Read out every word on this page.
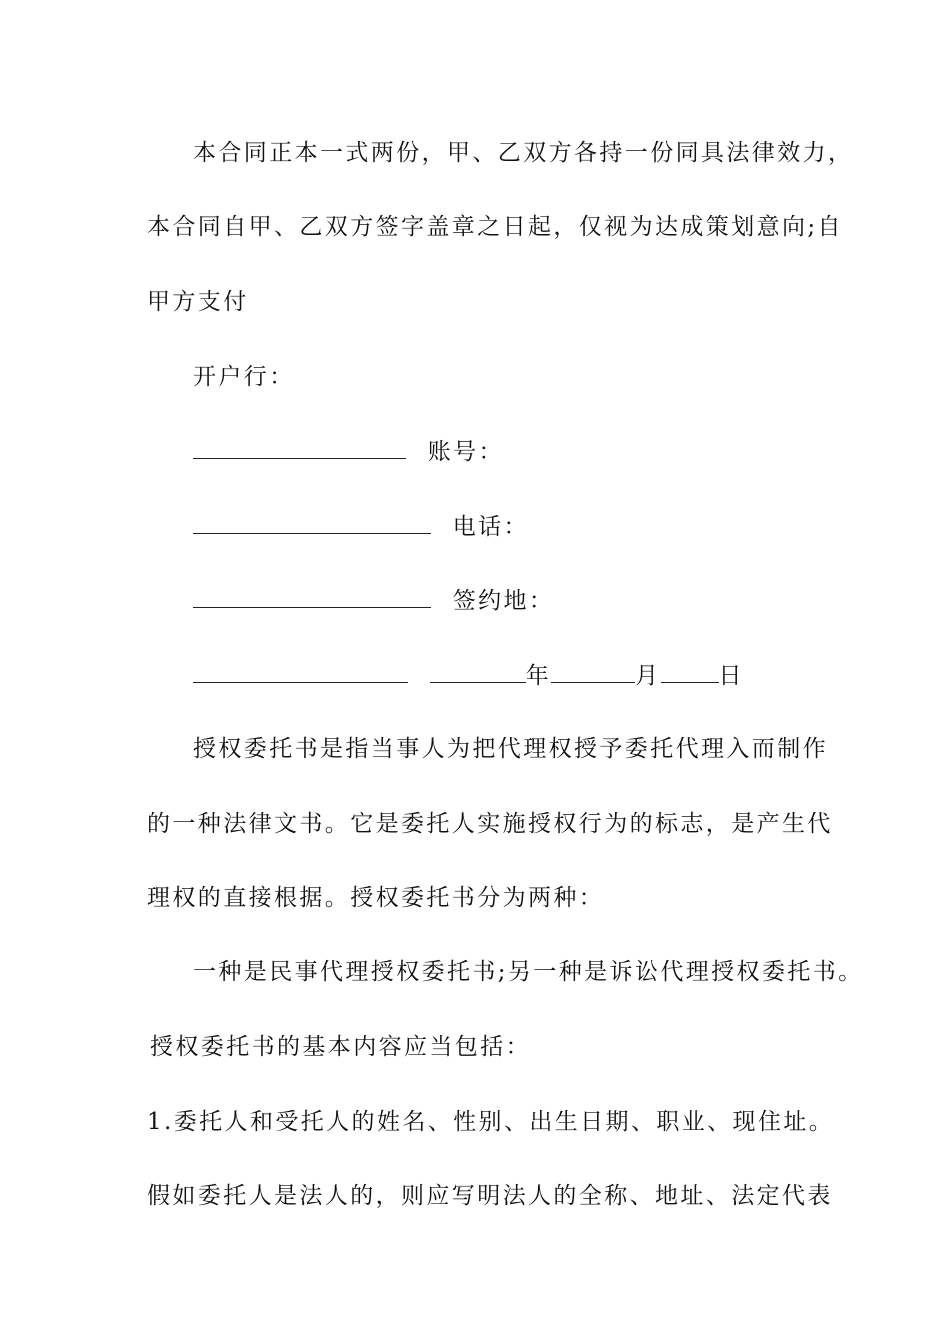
本合同正本一式两份，甲、乙双方各持一份同具法律效力，
本合同自甲、乙双方签字盖章之日起，仅视为达成策划意向;自
甲方支付
开户行：
账号：
电话：
签约地：
年	月	日
授权委托书是指当事人为把代理权授予委托代理入而制作
的一种法律文书。它是委托人实施授权行为的标志，是产生代
理权的直接根据。授权委托书分为两种：
一种是民事代理授权委托书;另一种是诉讼代理授权委托书。
授权委托书的基本内容应当包括：
1.委托人和受托人的姓名、性别、出生日期、职业、现住址。
假如委托人是法人的，则应写明法人的全称、地址、法定代表
